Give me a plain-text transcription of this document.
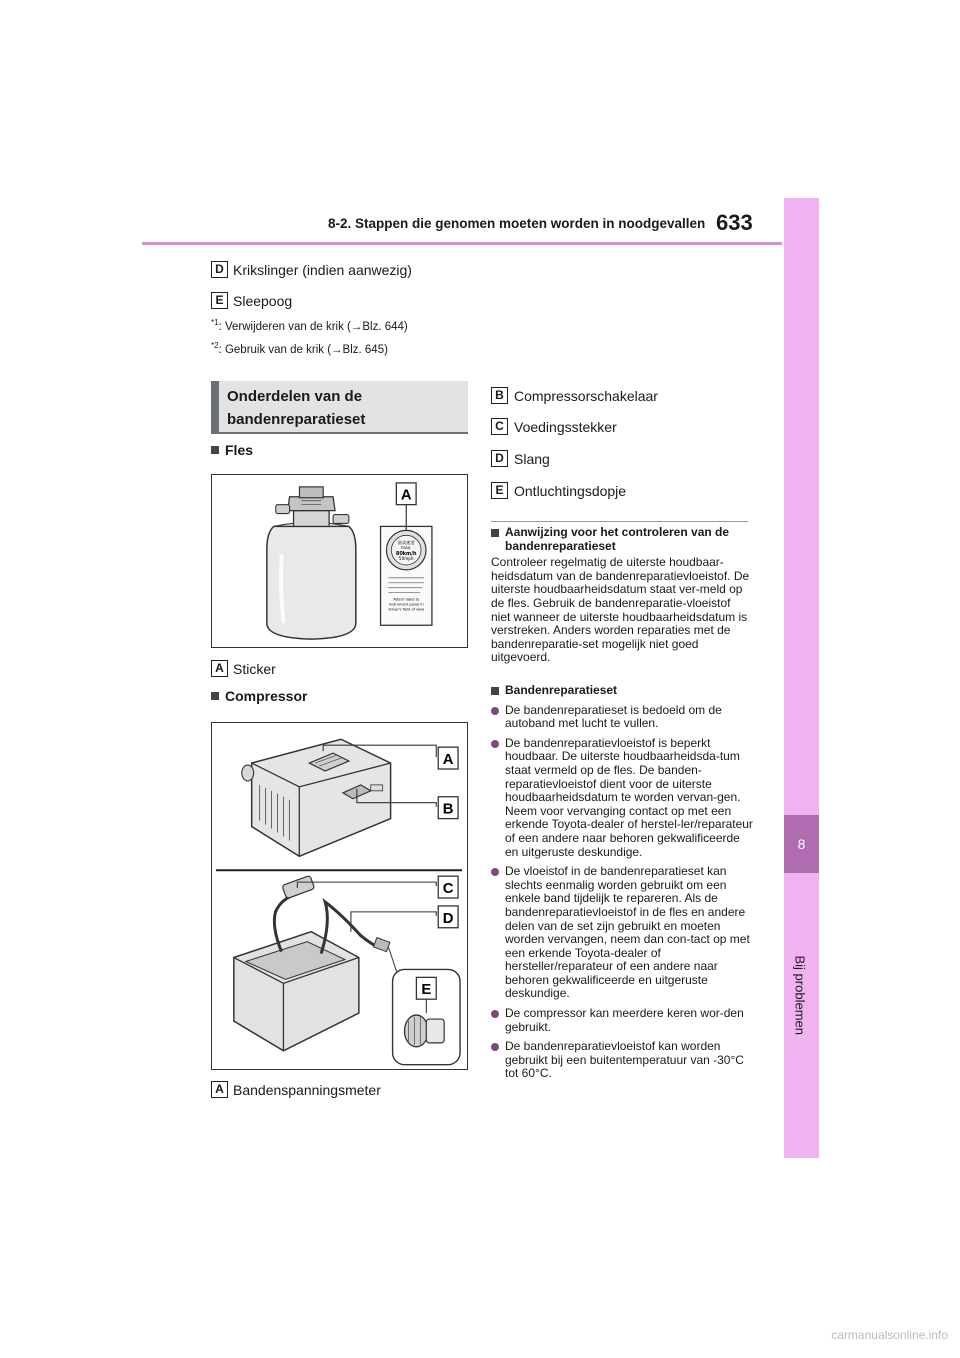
8-2. Stappen die genomen moeten worden in noodgevallen 633
8
Bij problemen
D Krikslinger (indien aanwezig)
E Sleepoog
$^{*1}$: Verwijderen van de krik (→Blz. 644)
$^{*2}$: Gebruik van de krik (→Blz. 645)
Onderdelen van de
bandenreparatieset
Fles
最高速度
max.
80km/h
50mph
Attach label to
instrument panel in
driver's field of view
A
A Sticker
Compressor
A
B
C
D
E
A Bandenspanningsmeter
B Compressorschakelaar
C Voedingsstekker
D Slang
E Ontluchtingsdopje
Aanwijzing voor het controleren van de
bandenreparatieset
Controleer regelmatig de uiterste houdbaar-heidsdatum van de bandenreparatievloeistof. De uiterste houdbaarheidsdatum staat ver-meld op de fles. Gebruik de bandenreparatie-vloeistof niet wanneer de uiterste houdbaarheidsdatum is verstreken. Anders worden reparaties met de bandenreparatie-set mogelijk niet goed uitgevoerd.
Bandenreparatieset
De bandenreparatieset is bedoeld om de autoband met lucht te vullen.
De bandenreparatievloeistof is beperkt houdbaar. De uiterste houdbaarheidsda-tum staat vermeld op de fles. De banden-reparatievloeistof dient voor de uiterste houdbaarheidsdatum te worden vervan-gen. Neem voor vervanging contact op met een erkende Toyota-dealer of herstel-ler/reparateur of een andere naar behoren gekwalificeerde en uitgeruste deskundige.
De vloeistof in de bandenreparatieset kan slechts eenmalig worden gebruikt om een enkele band tijdelijk te repareren. Als de bandenreparatievloeistof in de fles en andere delen van de set zijn gebruikt en moeten worden vervangen, neem dan con-tact op met een erkende Toyota-dealer of hersteller/reparateur of een andere naar behoren gekwalificeerde en uitgeruste deskundige.
De compressor kan meerdere keren wor-den gebruikt.
De bandenreparatievloeistof kan worden gebruikt bij een buitentemperatuur van -30°C tot 60°C.
carmanualsonline.info
